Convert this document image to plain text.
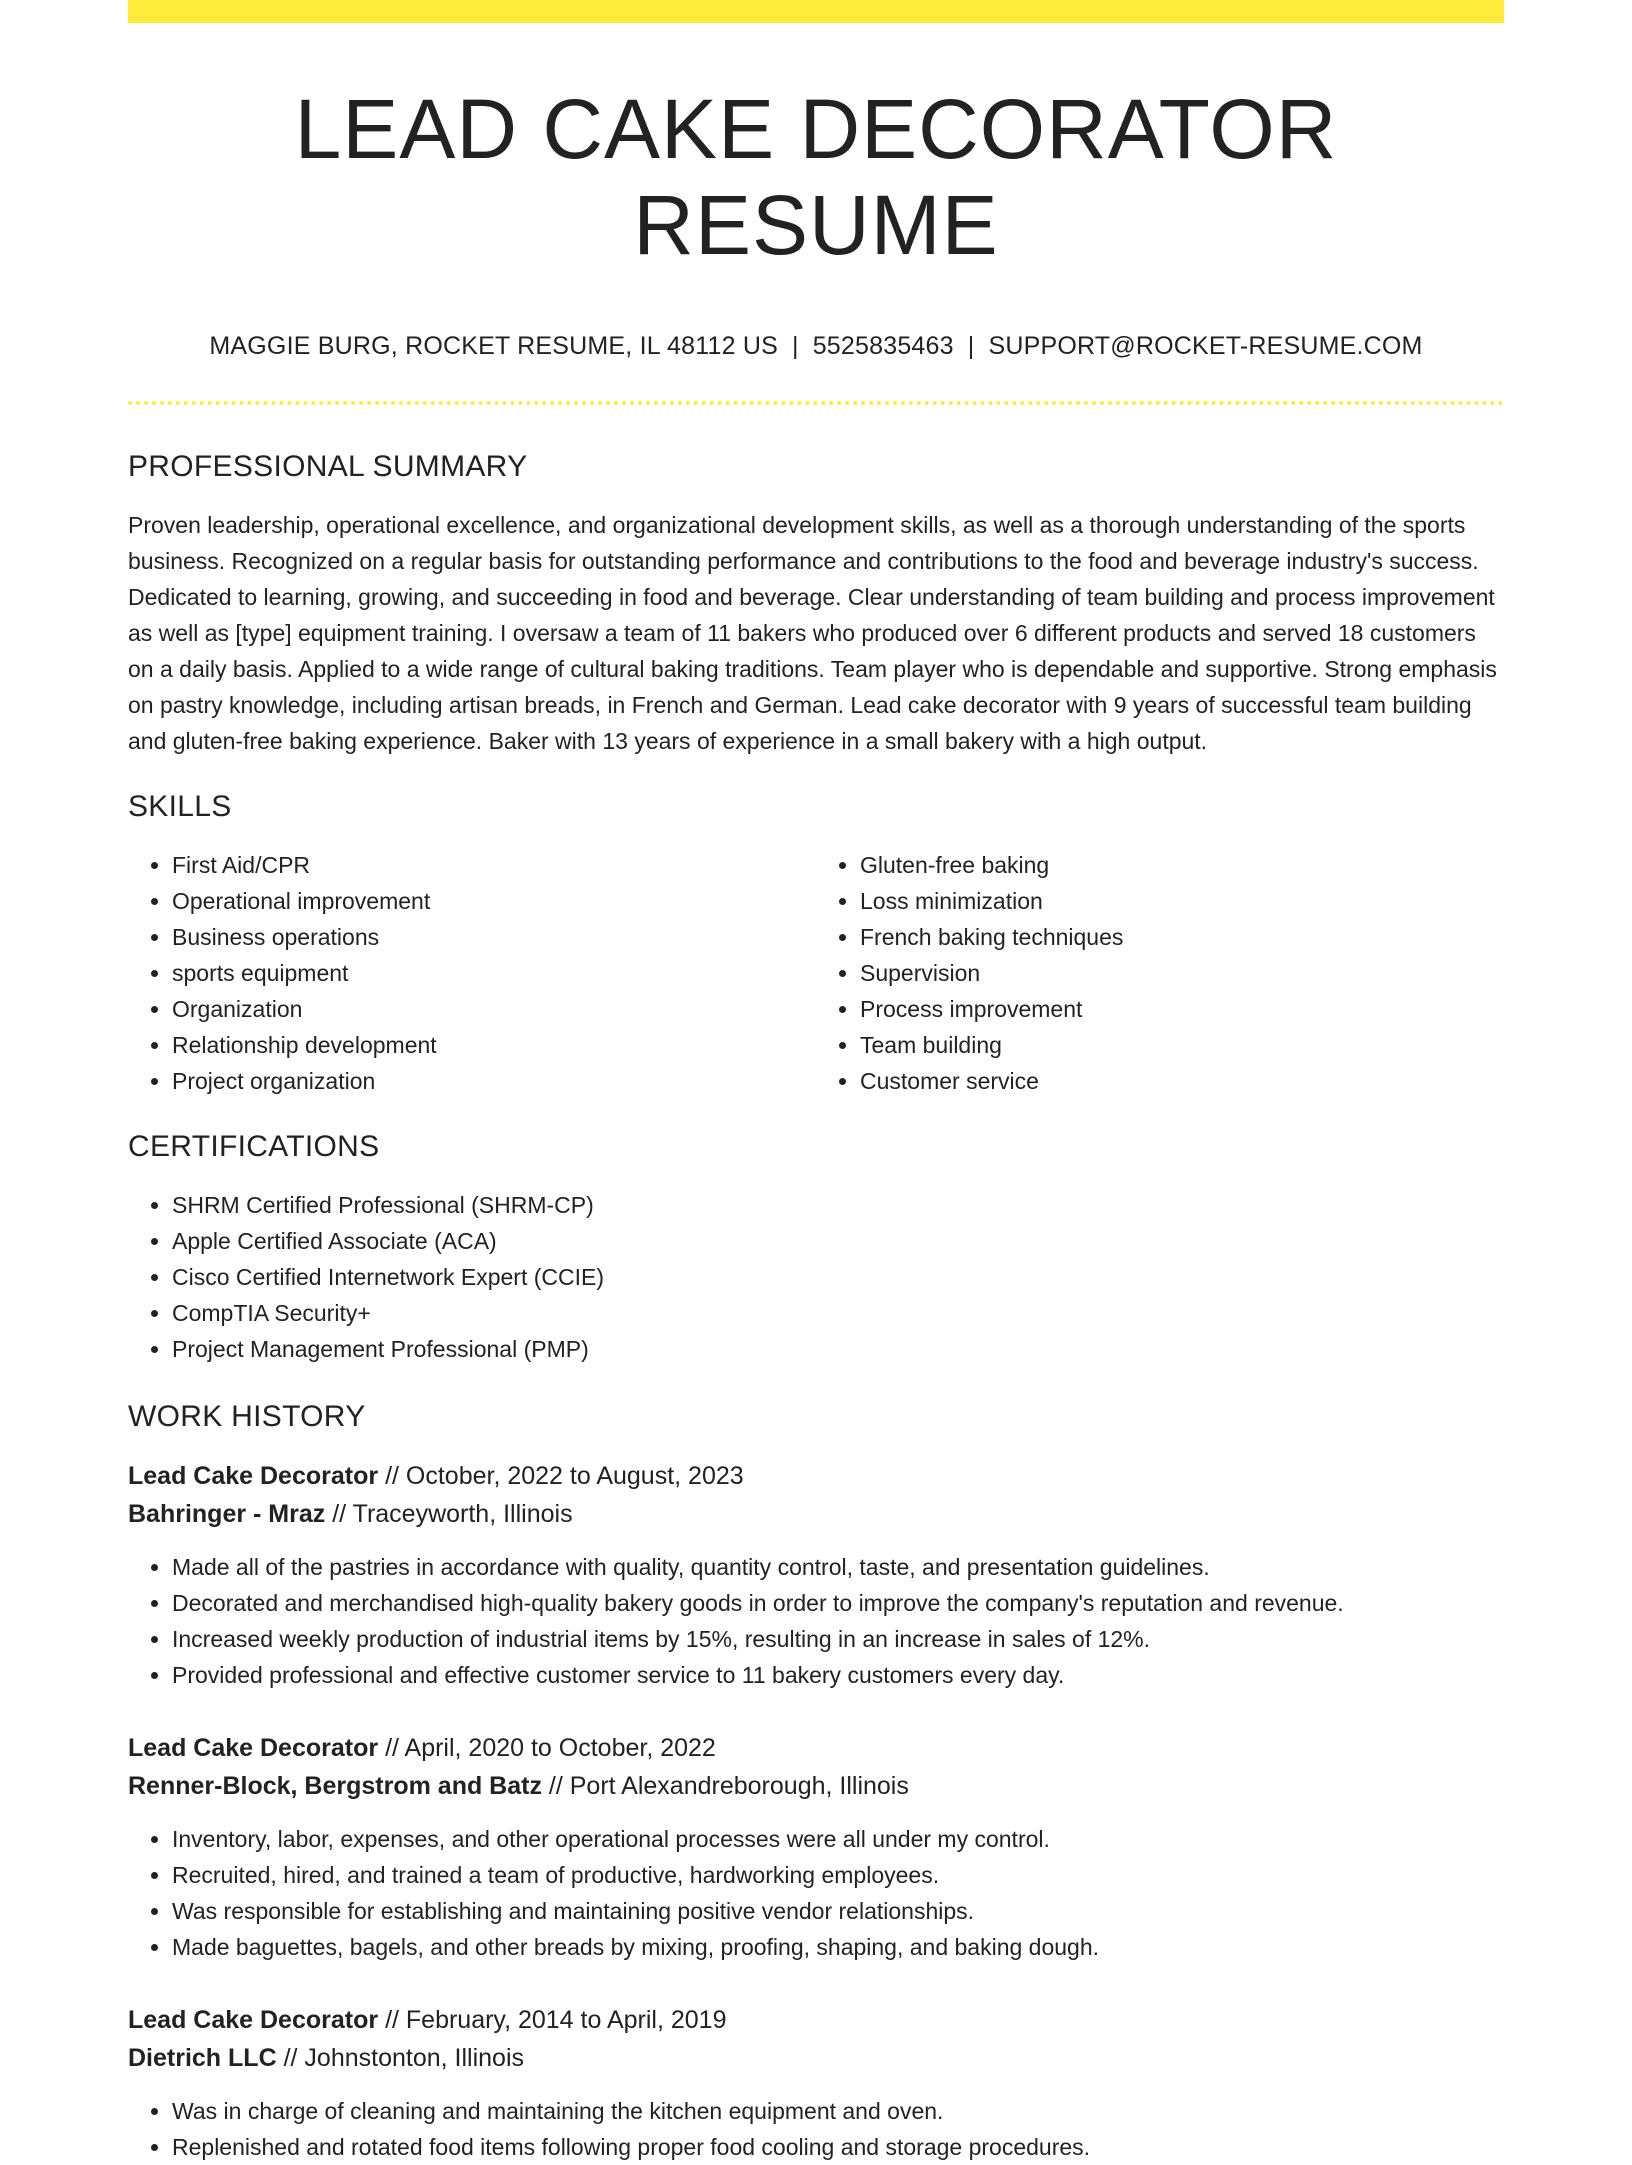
LEAD CAKE DECORATOR RESUME
MAGGIE BURG, ROCKET RESUME, IL 48112 US | 5525835463 | SUPPORT@ROCKET-RESUME.COM
PROFESSIONAL SUMMARY

Proven leadership, operational excellence, and organizational development skills, as well as a thorough understanding of the sports business. Recognized on a regular basis for outstanding performance and contributions to the food and beverage industry's success. Dedicated to learning, growing, and succeeding in food and beverage. Clear understanding of team building and process improvement as well as [type] equipment training. I oversaw a team of 11 bakers who produced over 6 different products and served 18 customers on a daily basis. Applied to a wide range of cultural baking traditions. Team player who is dependable and supportive. Strong emphasis on pastry knowledge, including artisan breads, in French and German. Lead cake decorator with 9 years of successful team building and gluten-free baking experience. Baker with 13 years of experience in a small bakery with a high output.

SKILLS
• First Aid/CPR
• Operational improvement
• Business operations
• sports equipment
• Organization
• Relationship development
• Project organization
• Gluten-free baking
• Loss minimization
• French baking techniques
• Supervision
• Process improvement
• Team building
• Customer service
CERTIFICATIONS
• SHRM Certified Professional (SHRM-CP)
• Apple Certified Associate (ACA)
• Cisco Certified Internetwork Expert (CCIE)
• CompTIA Security+
• Project Management Professional (PMP)
WORK HISTORY
Lead Cake Decorator // October, 2022 to August, 2023
Bahringer - Mraz // Traceyworth, Illinois
• Made all of the pastries in accordance with quality, quantity control, taste, and presentation guidelines.
• Decorated and merchandised high-quality bakery goods in order to improve the company's reputation and revenue.
• Increased weekly production of industrial items by 15%, resulting in an increase in sales of 12%.
• Provided professional and effective customer service to 11 bakery customers every day.
Lead Cake Decorator // April, 2020 to October, 2022
Renner-Block, Bergstrom and Batz // Port Alexandreborough, Illinois
• Inventory, labor, expenses, and other operational processes were all under my control.
• Recruited, hired, and trained a team of productive, hardworking employees.
• Was responsible for establishing and maintaining positive vendor relationships.
• Made baguettes, bagels, and other breads by mixing, proofing, shaping, and baking dough.
Lead Cake Decorator // February, 2014 to April, 2019
Dietrich LLC // Johnstonton, Illinois
• Was in charge of cleaning and maintaining the kitchen equipment and oven.
• Replenished and rotated food items following proper food cooling and storage procedures.
